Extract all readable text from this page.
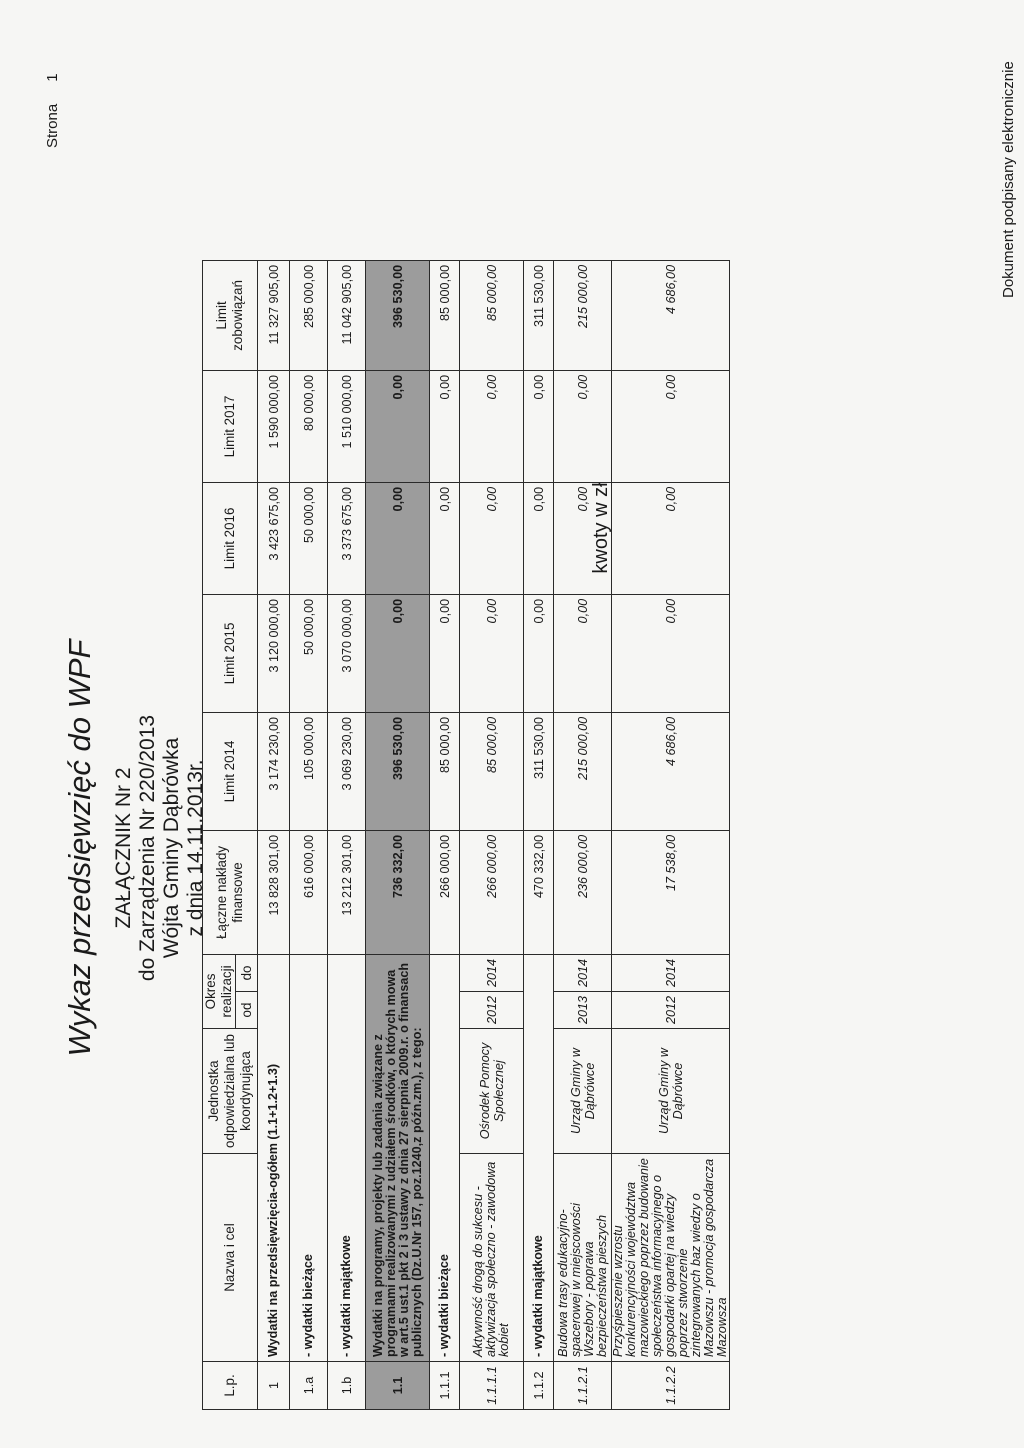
Wykaz przedsięwzięć do WPF ZAŁĄCZNIK Nr 2 do Zarządzenia Nr 220/2013 Wójta Gminy Dąbrówka z dnia 14.11.2013r.
kwoty w zł
Strona1	Dokument podpisany elektronicznie
L.p.	Nazwa i cel	Jednostka odpowiedzialna lub koordynująca	Okres realizacji		Łączne nakłady finansowe	Limit 2014	Limit 2015	Limit 2016	Limit 2017	Limit zobowiązań
			od	do						
1	Wydatki na przedsięwzięcia-ogółem (1.1+1.2+1.3)				13 828 301,00	3 174 230,00	3 120 000,00	3 423 675,00	1 590 000,00	11 327 905,00
1.a	- wydatki bieżące				616 000,00	105 000,00	50 000,00	50 000,00	80 000,00	285 000,00
1.b	- wydatki majątkowe				13 212 301,00	3 069 230,00	3 070 000,00	3 373 675,00	1 510 000,00	11 042 905,00
1.1	Wydatki na programy, projekty lub zadania związane z programami realizowanymi z udziałem środków, o których mowa w art.5 ust.1 pkt 2 i 3 ustawy z dnia 27 sierpnia 2009.r. o finansach publicznych (Dz.U.Nr 157, poz.1240,z późn.zm.), z tego:				736 332,00	396 530,00	0,00	0,00	0,00	396 530,00
1.1.1	- wydatki bieżące				266 000,00	85 000,00	0,00	0,00	0,00	85 000,00
1.1.1.1	Aktywność drogą do sukcesu - aktywizacja społeczno - zawodowa kobiet	Ośrodek Pomocy Społecznej	2012	2014	266 000,00	85 000,00	0,00	0,00	0,00	85 000,00
1.1.2	- wydatki majątkowe				470 332,00	311 530,00	0,00	0,00	0,00	311 530,00
1.1.2.1	Budowa trasy edukacyjno-spacerowej w miejscowości Wszebory - poprawa bezpieczeństwa pieszych	Urząd Gminy w Dąbrówce	2013	2014	236 000,00	215 000,00	0,00	0,00	0,00	215 000,00
1.1.2.2	Przyśpieszenie wzrostu konkurencyjności województwa mazowieckiego poprzez budowanie społeczeństwa informacyjnego o gospodarki opartej na wiedzy poprzez stworzenie zintegrowanych baz wiedzy o Mazowszu - promocja gospodarcza Mazowsza	Urząd Gminy w Dąbrówce	2012	2014	17 538,00	4 686,00	0,00	0,00	0,00	4 686,00
